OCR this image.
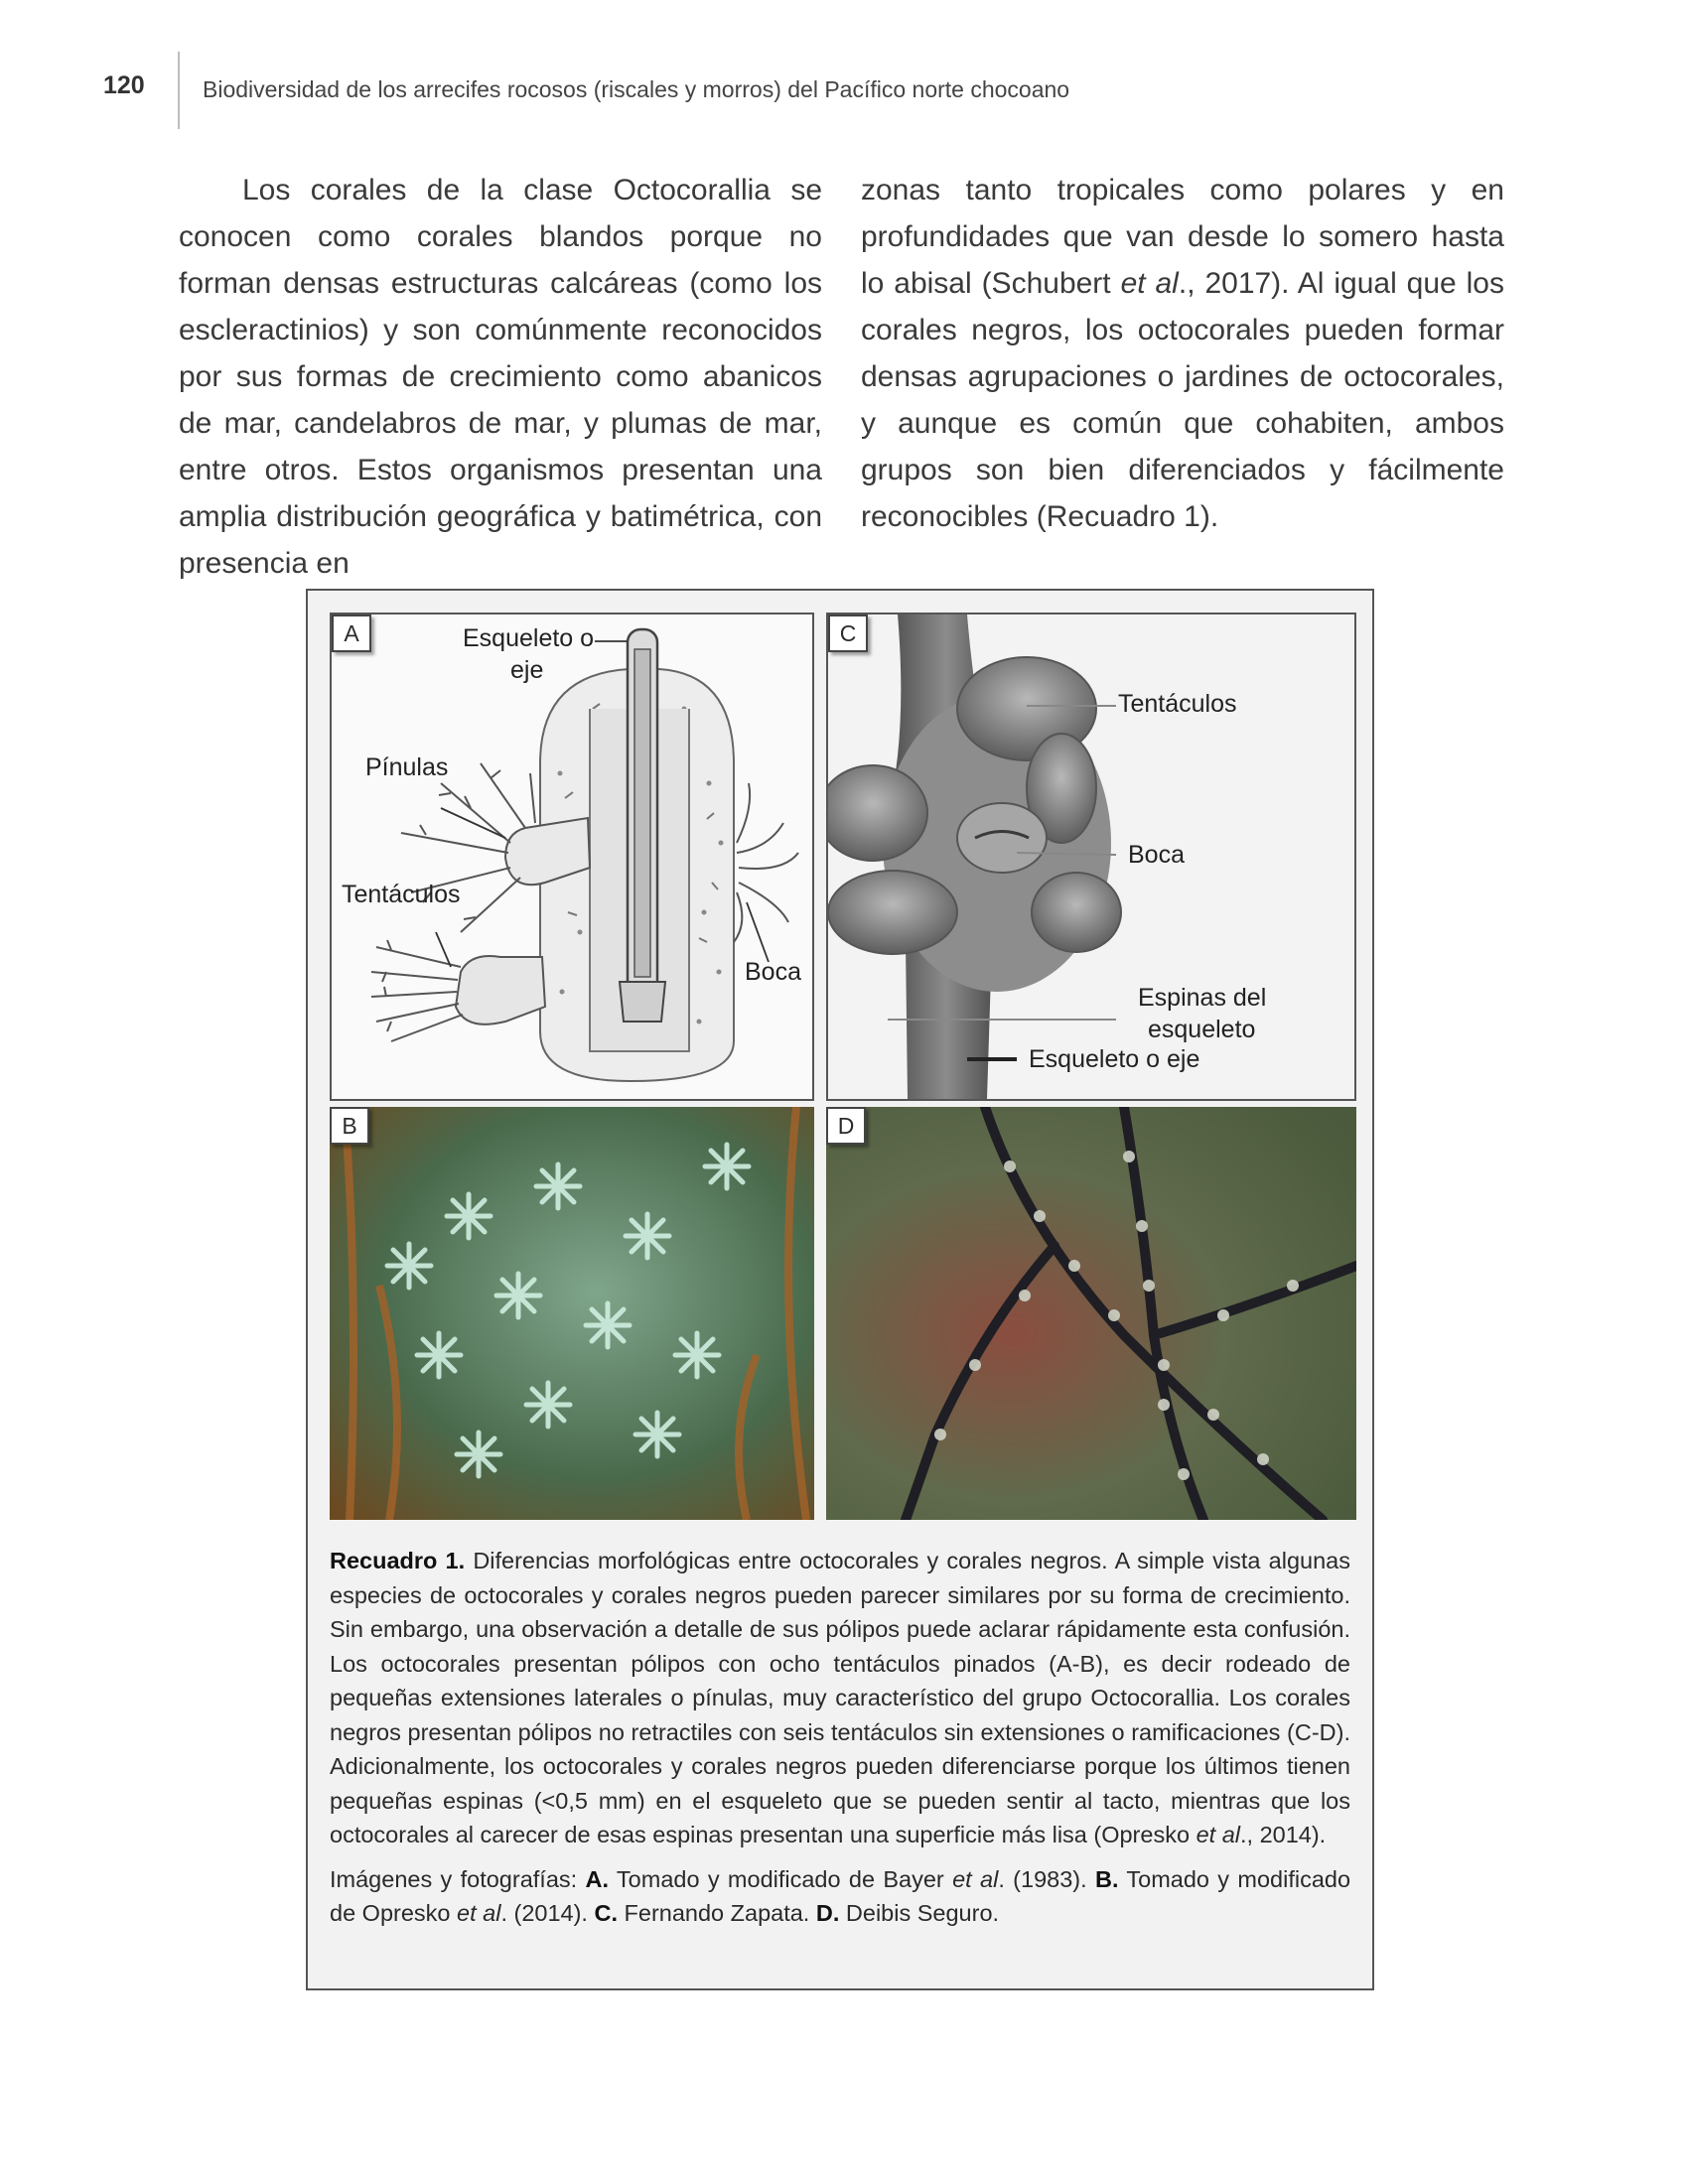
120	Biodiversidad de los arrecifes rocosos (riscales y morros) del Pacífico norte chocoano

Los corales de la clase Octocorallia se conocen como corales blandos porque no forman densas estructuras calcáreas (como los escleractinios) y son comúnmente reconocidos por sus formas de crecimiento como abanicos de mar, candelabros de mar, y plumas de mar, entre otros. Estos organismos presentan una amplia distribución geográfica y batimétrica, con presencia en

zonas tanto tropicales como polares y en profundidades que van desde lo somero hasta lo abisal (Schubert et al., 2017). Al igual que los corales negros, los octocorales pueden formar densas agrupaciones o jardines de octocorales, y aunque es común que cohabiten, ambos grupos son bien diferenciados y fácilmente reconocibles (Recuadro 1).

A	Esqueleto o
eje
Pínulas
Tentáculos
Boca
C
Tentáculos
Boca
Espinas del
esqueleto
Esqueleto o eje
B	D

Recuadro 1. Diferencias morfológicas entre octocorales y corales negros. A simple vista algunas especies de octocorales y corales negros pueden parecer similares por su forma de crecimiento. Sin embargo, una observación a detalle de sus pólipos puede aclarar rápidamente esta confusión. Los octocorales presentan pólipos con ocho tentáculos pinados (A-B), es decir rodeado de pequeñas extensiones laterales o pínulas, muy característico del grupo Octocorallia. Los corales negros presentan pólipos no retractiles con seis tentáculos sin extensiones o ramificaciones (C-D). Adicionalmente, los octocorales y corales negros pueden diferenciarse porque los últimos tienen pequeñas espinas (<0,5 mm) en el esqueleto que se pueden sentir al tacto, mientras que los octocorales al carecer de esas espinas presentan una superficie más lisa (Opresko et al., 2014).

Imágenes y fotografías: A. Tomado y modificado de Bayer et al. (1983). B. Tomado y modificado de Opresko et al. (2014). C. Fernando Zapata. D. Deibis Seguro.
